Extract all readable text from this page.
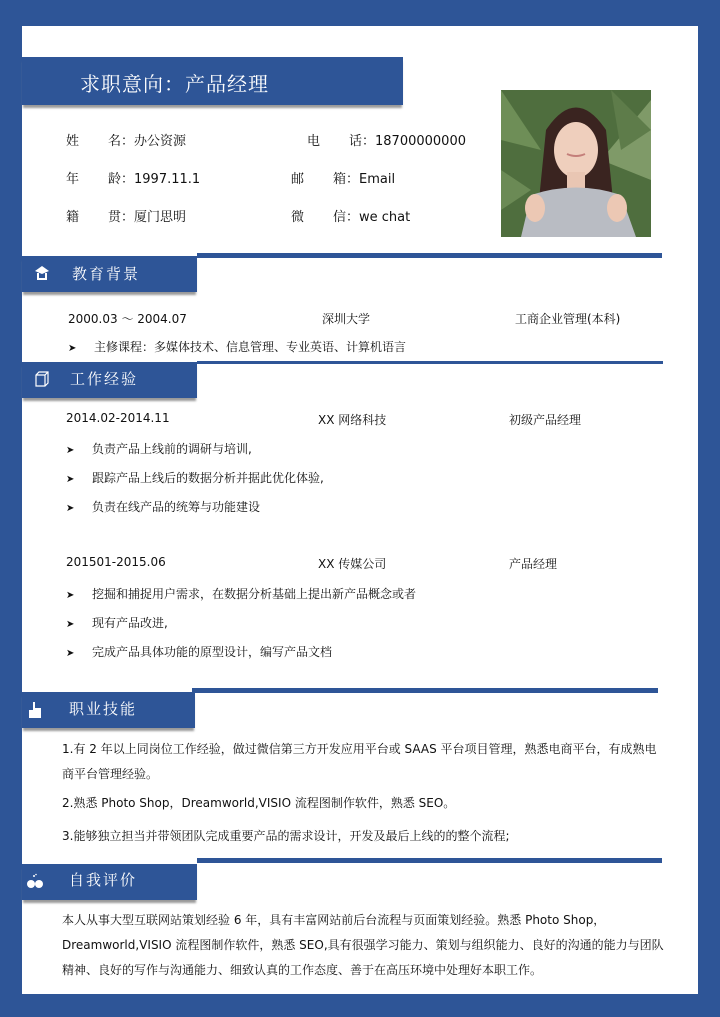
求职意向：产品经理
姓 名：办公资源	电 话：18700000000
年 龄：1997.11.1	邮 箱：Email
籍 贯：厦门思明	微 信：we chat
教育背景
2000.03 ～ 2004.07	深圳大学	工商企业管理(本科)
➤ 主修课程：多媒体技术、信息管理、专业英语、计算机语言
工作经验
2014.02-2014.11	XX 网络科技	初级产品经理
➤ 负责产品上线前的调研与培训,
➤ 跟踪产品上线后的数据分析并据此优化体验,
➤ 负责在线产品的统筹与功能建设
201501-2015.06	XX 传媒公司	产品经理
➤ 挖掘和捕捉用户需求，在数据分析基础上提出新产品概念或者
➤ 现有产品改进,
➤ 完成产品具体功能的原型设计，编写产品文档
职业技能
1.有 2 年以上同岗位工作经验，做过微信第三方开发应用平台或 SAAS 平台项目管理，熟悉电商平台，有成熟电商平台管理经验。
2.熟悉 Photo Shop，Dreamworld,VISIO 流程图制作软件，熟悉 SEO。
3.能够独立担当并带领团队完成重要产品的需求设计，开发及最后上线的的整个流程;
自我评价
本人从事大型互联网站策划经验 6 年，具有丰富网站前后台流程与页面策划经验。熟悉 Photo Shop，Dreamworld,VISIO 流程图制作软件，熟悉 SEO,具有很强学习能力、策划与组织能力、良好的沟通的能力与团队精神、良好的写作与沟通能力、细致认真的工作态度、善于在高压环境中处理好本职工作。
